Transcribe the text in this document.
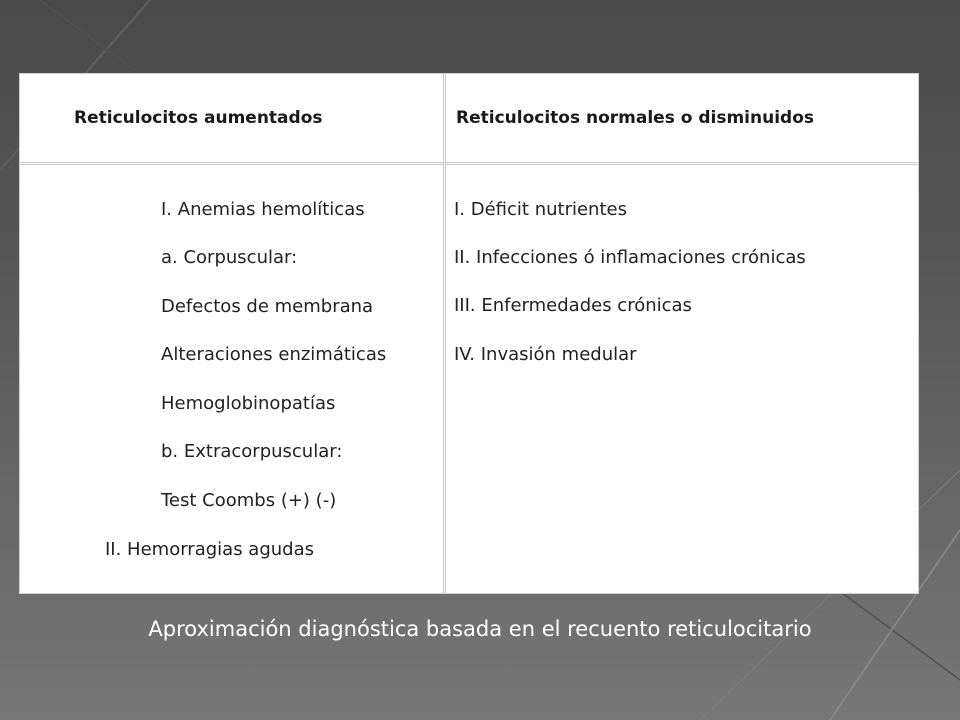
Reticulocitos aumentados
I. Anemias hemolíticas
a. Corpuscular:
Defectos de membrana
Alteraciones enzimáticas
Hemoglobinopatías
b. Extracorpuscular:
Test Coombs (+) (-)
II. Hemorragias agudas
Reticulocitos normales o disminuidos
I. Déficit nutrientes
II. Infecciones ó inflamaciones crónicas
III. Enfermedades crónicas
IV. Invasión medular
Aproximación diagnóstica basada en el recuento reticulocitario
